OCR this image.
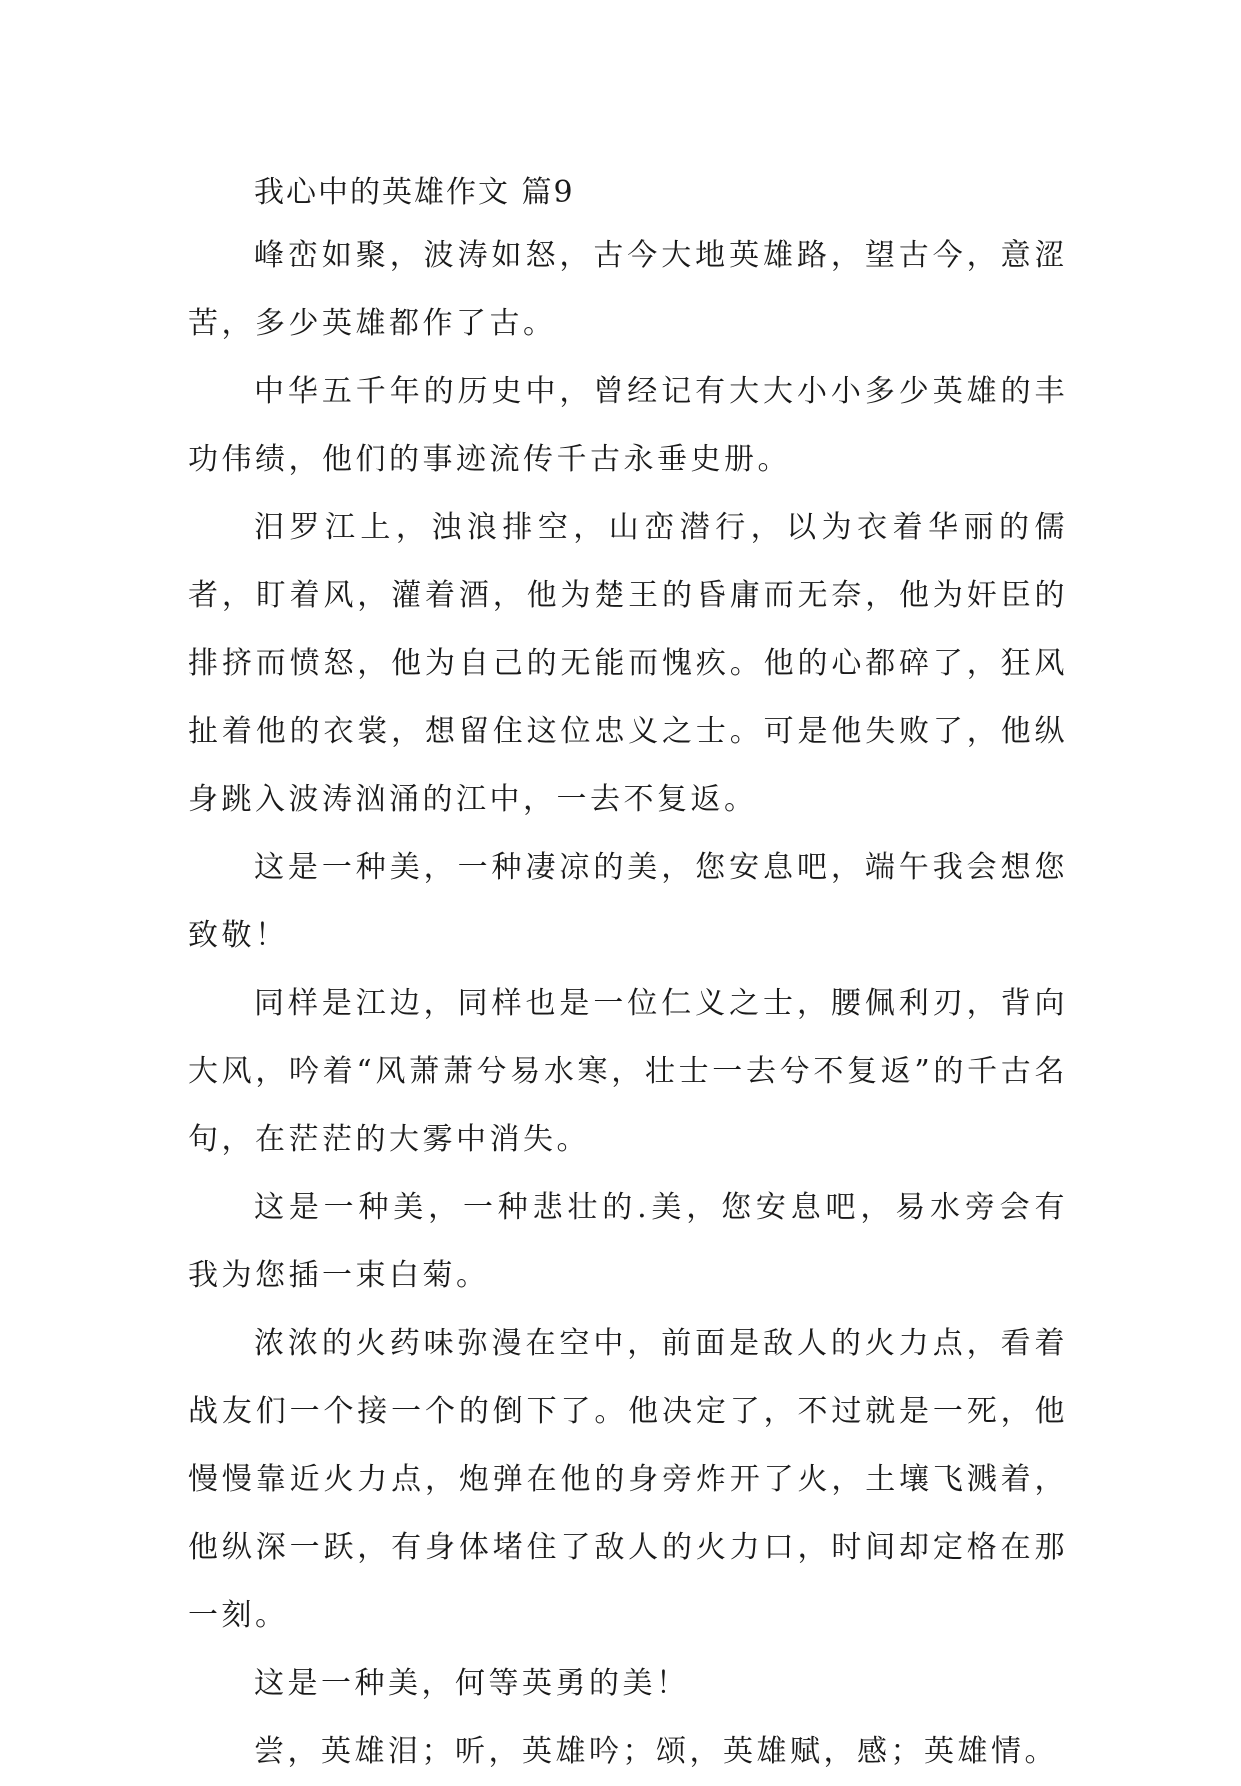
我心中的英雄作文 篇9

峰峦如聚，波涛如怒，古今大地英雄路，望古今，意涩苦，多少英雄都作了古。

中华五千年的历史中，曾经记有大大小小多少英雄的丰功伟绩，他们的事迹流传千古永垂史册。

汨罗江上，浊浪排空，山峦潜行，以为衣着华丽的儒者，盯着风，灌着酒，他为楚王的昏庸而无奈，他为奸臣的排挤而愤怒，他为自己的无能而愧疚。他的心都碎了，狂风扯着他的衣裳，想留住这位忠义之士。可是他失败了，他纵身跳入波涛汹涌的江中，一去不复返。

这是一种美，一种凄凉的美，您安息吧，端午我会想您致敬！

同样是江边，同样也是一位仁义之士，腰佩利刃，背向大风，吟着“风萧萧兮易水寒，壮士一去兮不复返”的千古名句，在茫茫的大雾中消失。

这是一种美，一种悲壮的.美，您安息吧，易水旁会有我为您插一束白菊。

浓浓的火药味弥漫在空中，前面是敌人的火力点，看着战友们一个接一个的倒下了。他决定了，不过就是一死，他慢慢靠近火力点，炮弹在他的身旁炸开了火，土壤飞溅着，他纵深一跃，有身体堵住了敌人的火力口，时间却定格在那一刻。

这是一种美，何等英勇的美！

尝，英雄泪；听，英雄吟；颂，英雄赋，感；英雄情。
